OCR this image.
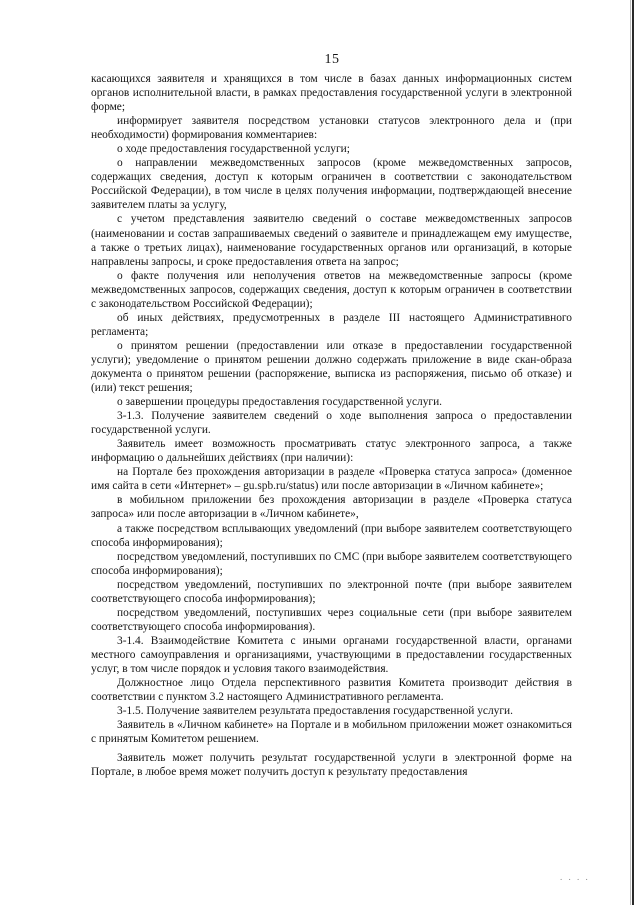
15

касающихся заявителя и хранящихся в том числе в базах данных информационных систем органов исполнительной власти, в рамках предоставления государственной услуги в электронной форме;

информирует заявителя посредством установки статусов электронного дела и (при необходимости) формирования комментариев:

о ходе предоставления государственной услуги;

о направлении межведомственных запросов (кроме межведомственных запросов, содержащих сведения, доступ к которым ограничен в соответствии с законодательством Российской Федерации), в том числе в целях получения информации, подтверждающей внесение заявителем платы за услугу,

с учетом представления заявителю сведений о составе межведомственных запросов (наименовании и состав запрашиваемых сведений о заявителе и принадлежащем ему имуществе, а также о третьих лицах), наименование государственных органов или организаций, в которые направлены запросы, и сроке предоставления ответа на запрос;

о факте получения или неполучения ответов на межведомственные запросы (кроме межведомственных запросов, содержащих сведения, доступ к которым ограничен в соответствии с законодательством Российской Федерации);

об иных действиях, предусмотренных в разделе III настоящего Административного регламента;

о принятом решении (предоставлении или отказе в предоставлении государственной услуги); уведомление о принятом решении должно содержать приложение в виде скан-образа документа о принятом решении (распоряжение, выписка из распоряжения, письмо об отказе) и (или) текст решения;

о завершении процедуры предоставления государственной услуги.

3-1.3. Получение заявителем сведений о ходе выполнения запроса о предоставлении государственной услуги.

Заявитель имеет возможность просматривать статус электронного запроса, а также информацию о дальнейших действиях (при наличии):

на Портале без прохождения авторизации в разделе «Проверка статуса запроса» (доменное имя сайта в сети «Интернет» – gu.spb.ru/status) или после авторизации в «Личном кабинете»;

в мобильном приложении без прохождения авторизации в разделе «Проверка статуса запроса» или после авторизации в «Личном кабинете»,

а также посредством всплывающих уведомлений (при выборе заявителем соответствующего способа информирования);

посредством уведомлений, поступивших по СМС (при выборе заявителем соответствующего способа информирования);

посредством уведомлений, поступивших по электронной почте (при выборе заявителем соответствующего способа информирования);

посредством уведомлений, поступивших через социальные сети (при выборе заявителем соответствующего способа информирования).

3-1.4. Взаимодействие Комитета с иными органами государственной власти, органами местного самоуправления и организациями, участвующими в предоставлении государственных услуг, в том числе порядок и условия такого взаимодействия.

Должностное лицо Отдела перспективного развития Комитета производит действия в соответствии с пунктом 3.2 настоящего Административного регламента.

3-1.5. Получение заявителем результата предоставления государственной услуги.

Заявитель в «Личном кабинете» на Портале и в мобильном приложении может ознакомиться с принятым Комитетом решением.

Заявитель может получить результат государственной услуги в электронной форме на Портале, в любое время может получить доступ к результату предоставления

. . . .
